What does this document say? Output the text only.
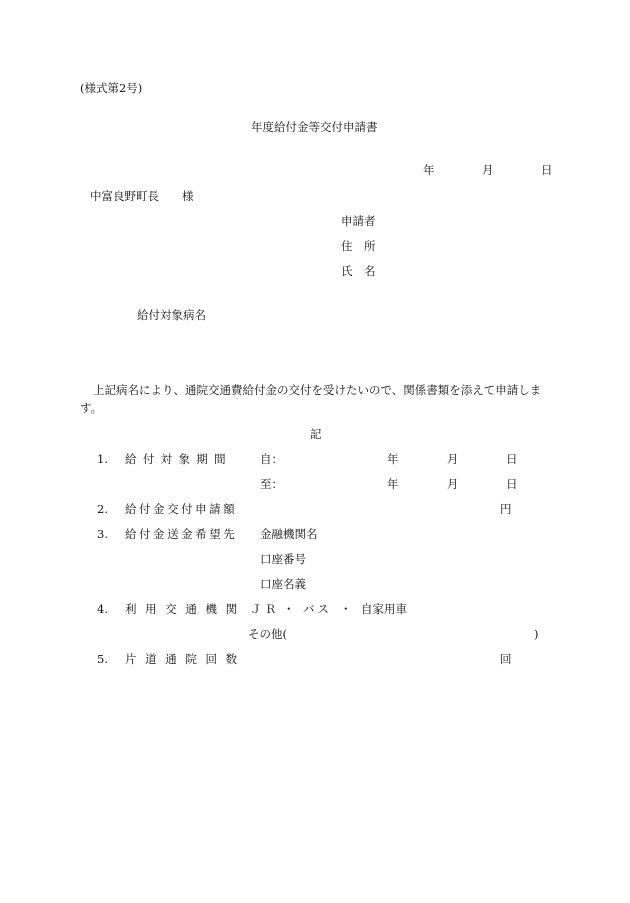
(様式第2号)
年度給付金等交付申請書
年	月	日
中富良野町長 様
申請者
住　所
氏　名
給付対象病名
上記病名により、通院交通費給付金の交付を受けたいので、関係書類を添えて申請します。
記
1. 給付対象期間 自：	年	月	日
至：	年	月	日
2. 給付金交付申請額	円
3. 給付金送金希望先 金融機関名
口座番号
口座名義
4. 利用交通機関 ＪＲ ・ バス ・ 自家用車
その他(	)
5. 片道通院回数	回
